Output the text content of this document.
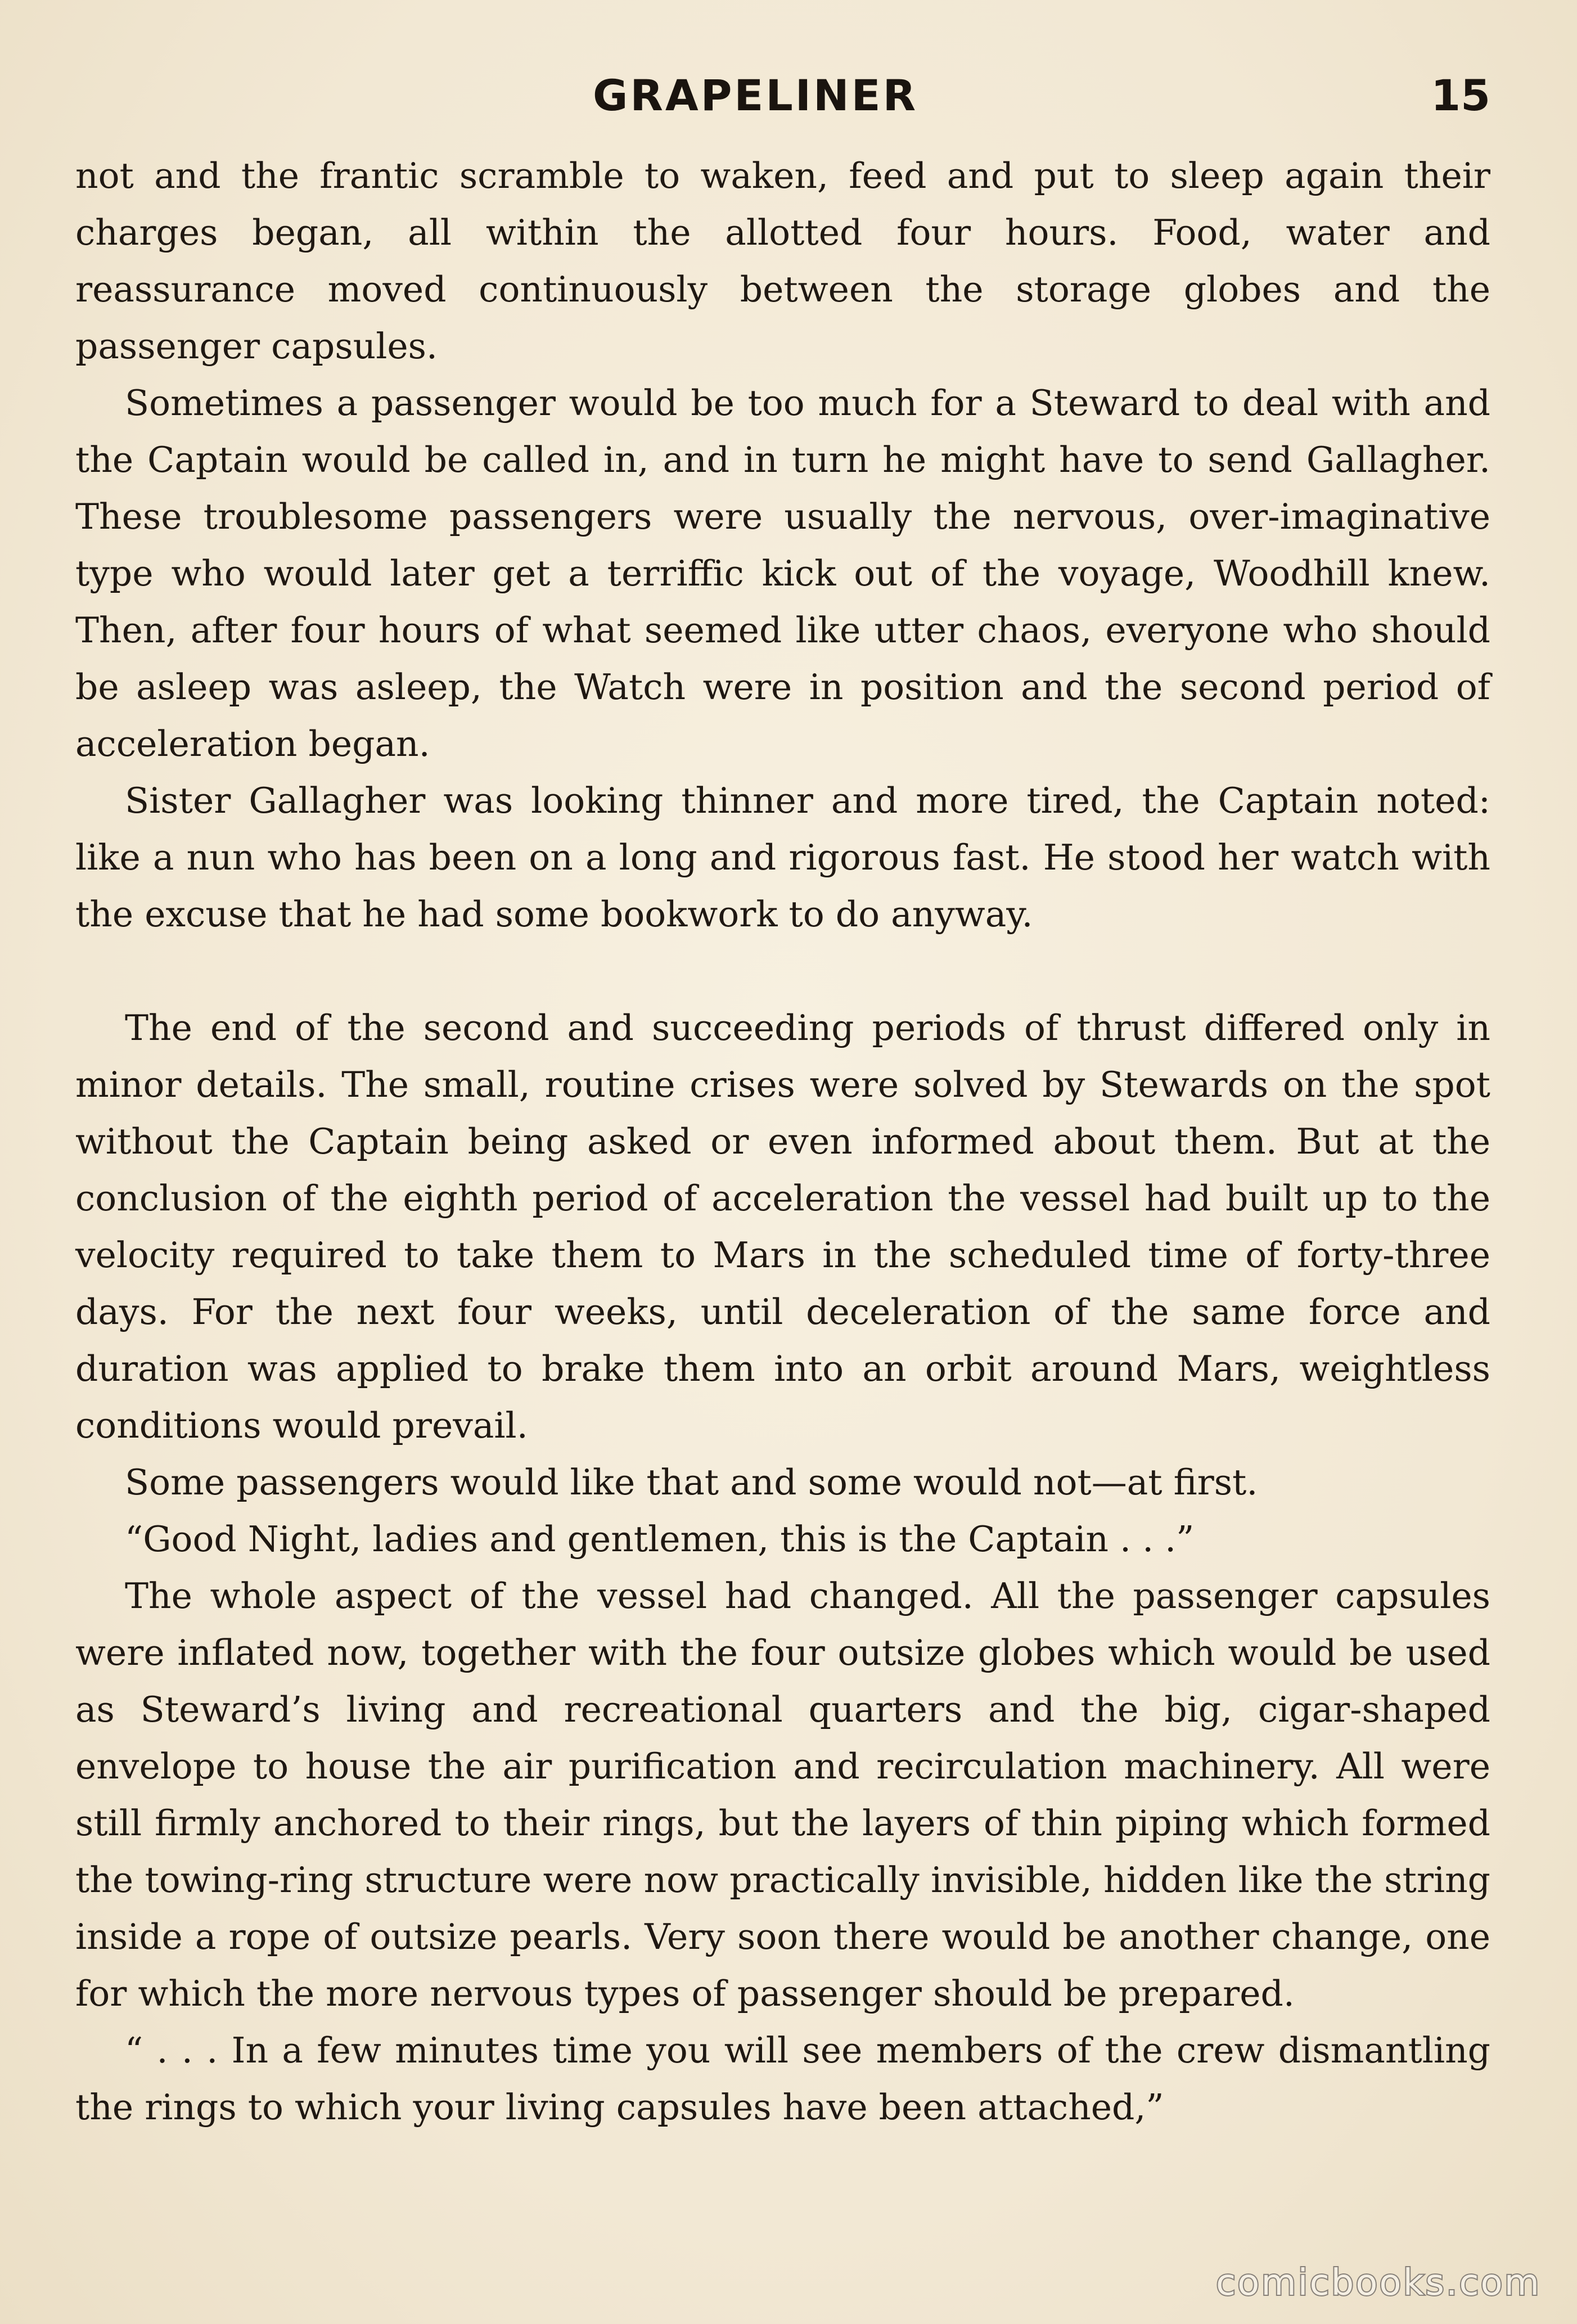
GRAPELINER	15

not and the frantic scramble to waken, feed and put to sleep again their charges began, all within the allotted four hours. Food, water and reassurance moved continuously between the storage globes and the passenger capsules.

Sometimes a passenger would be too much for a Steward to deal with and the Captain would be called in, and in turn he might have to send Gallagher. These troublesome passengers were usually the nervous, over-imaginative type who would later get a terriffic kick out of the voyage, Woodhill knew. Then, after four hours of what seemed like utter chaos, everyone who should be asleep was asleep, the Watch were in position and the second period of acceleration began.

Sister Gallagher was looking thinner and more tired, the Captain noted: like a nun who has been on a long and rigorous fast. He stood her watch with the excuse that he had some bookwork to do anyway.

The end of the second and succeeding periods of thrust differed only in minor details. The small, routine crises were solved by Stewards on the spot without the Captain being asked or even informed about them. But at the conclusion of the eighth period of acceleration the vessel had built up to the velocity required to take them to Mars in the scheduled time of forty-three days. For the next four weeks, until deceleration of the same force and duration was applied to brake them into an orbit around Mars, weightless conditions would prevail.

Some passengers would like that and some would not—at first.

“Good Night, ladies and gentlemen, this is the Captain . . .”

The whole aspect of the vessel had changed. All the passenger capsules were inflated now, together with the four outsize globes which would be used as Steward’s living and recreational quarters and the big, cigar-shaped envelope to house the air purification and recirculation machinery. All were still firmly anchored to their rings, but the layers of thin piping which formed the towing-ring structure were now practically invisible, hidden like the string inside a rope of outsize pearls. Very soon there would be another change, one for which the more nervous types of passenger should be prepared.

“ . . . In a few minutes time you will see members of the crew dismantling the rings to which your living capsules have been attached,”

comicbooks.com
